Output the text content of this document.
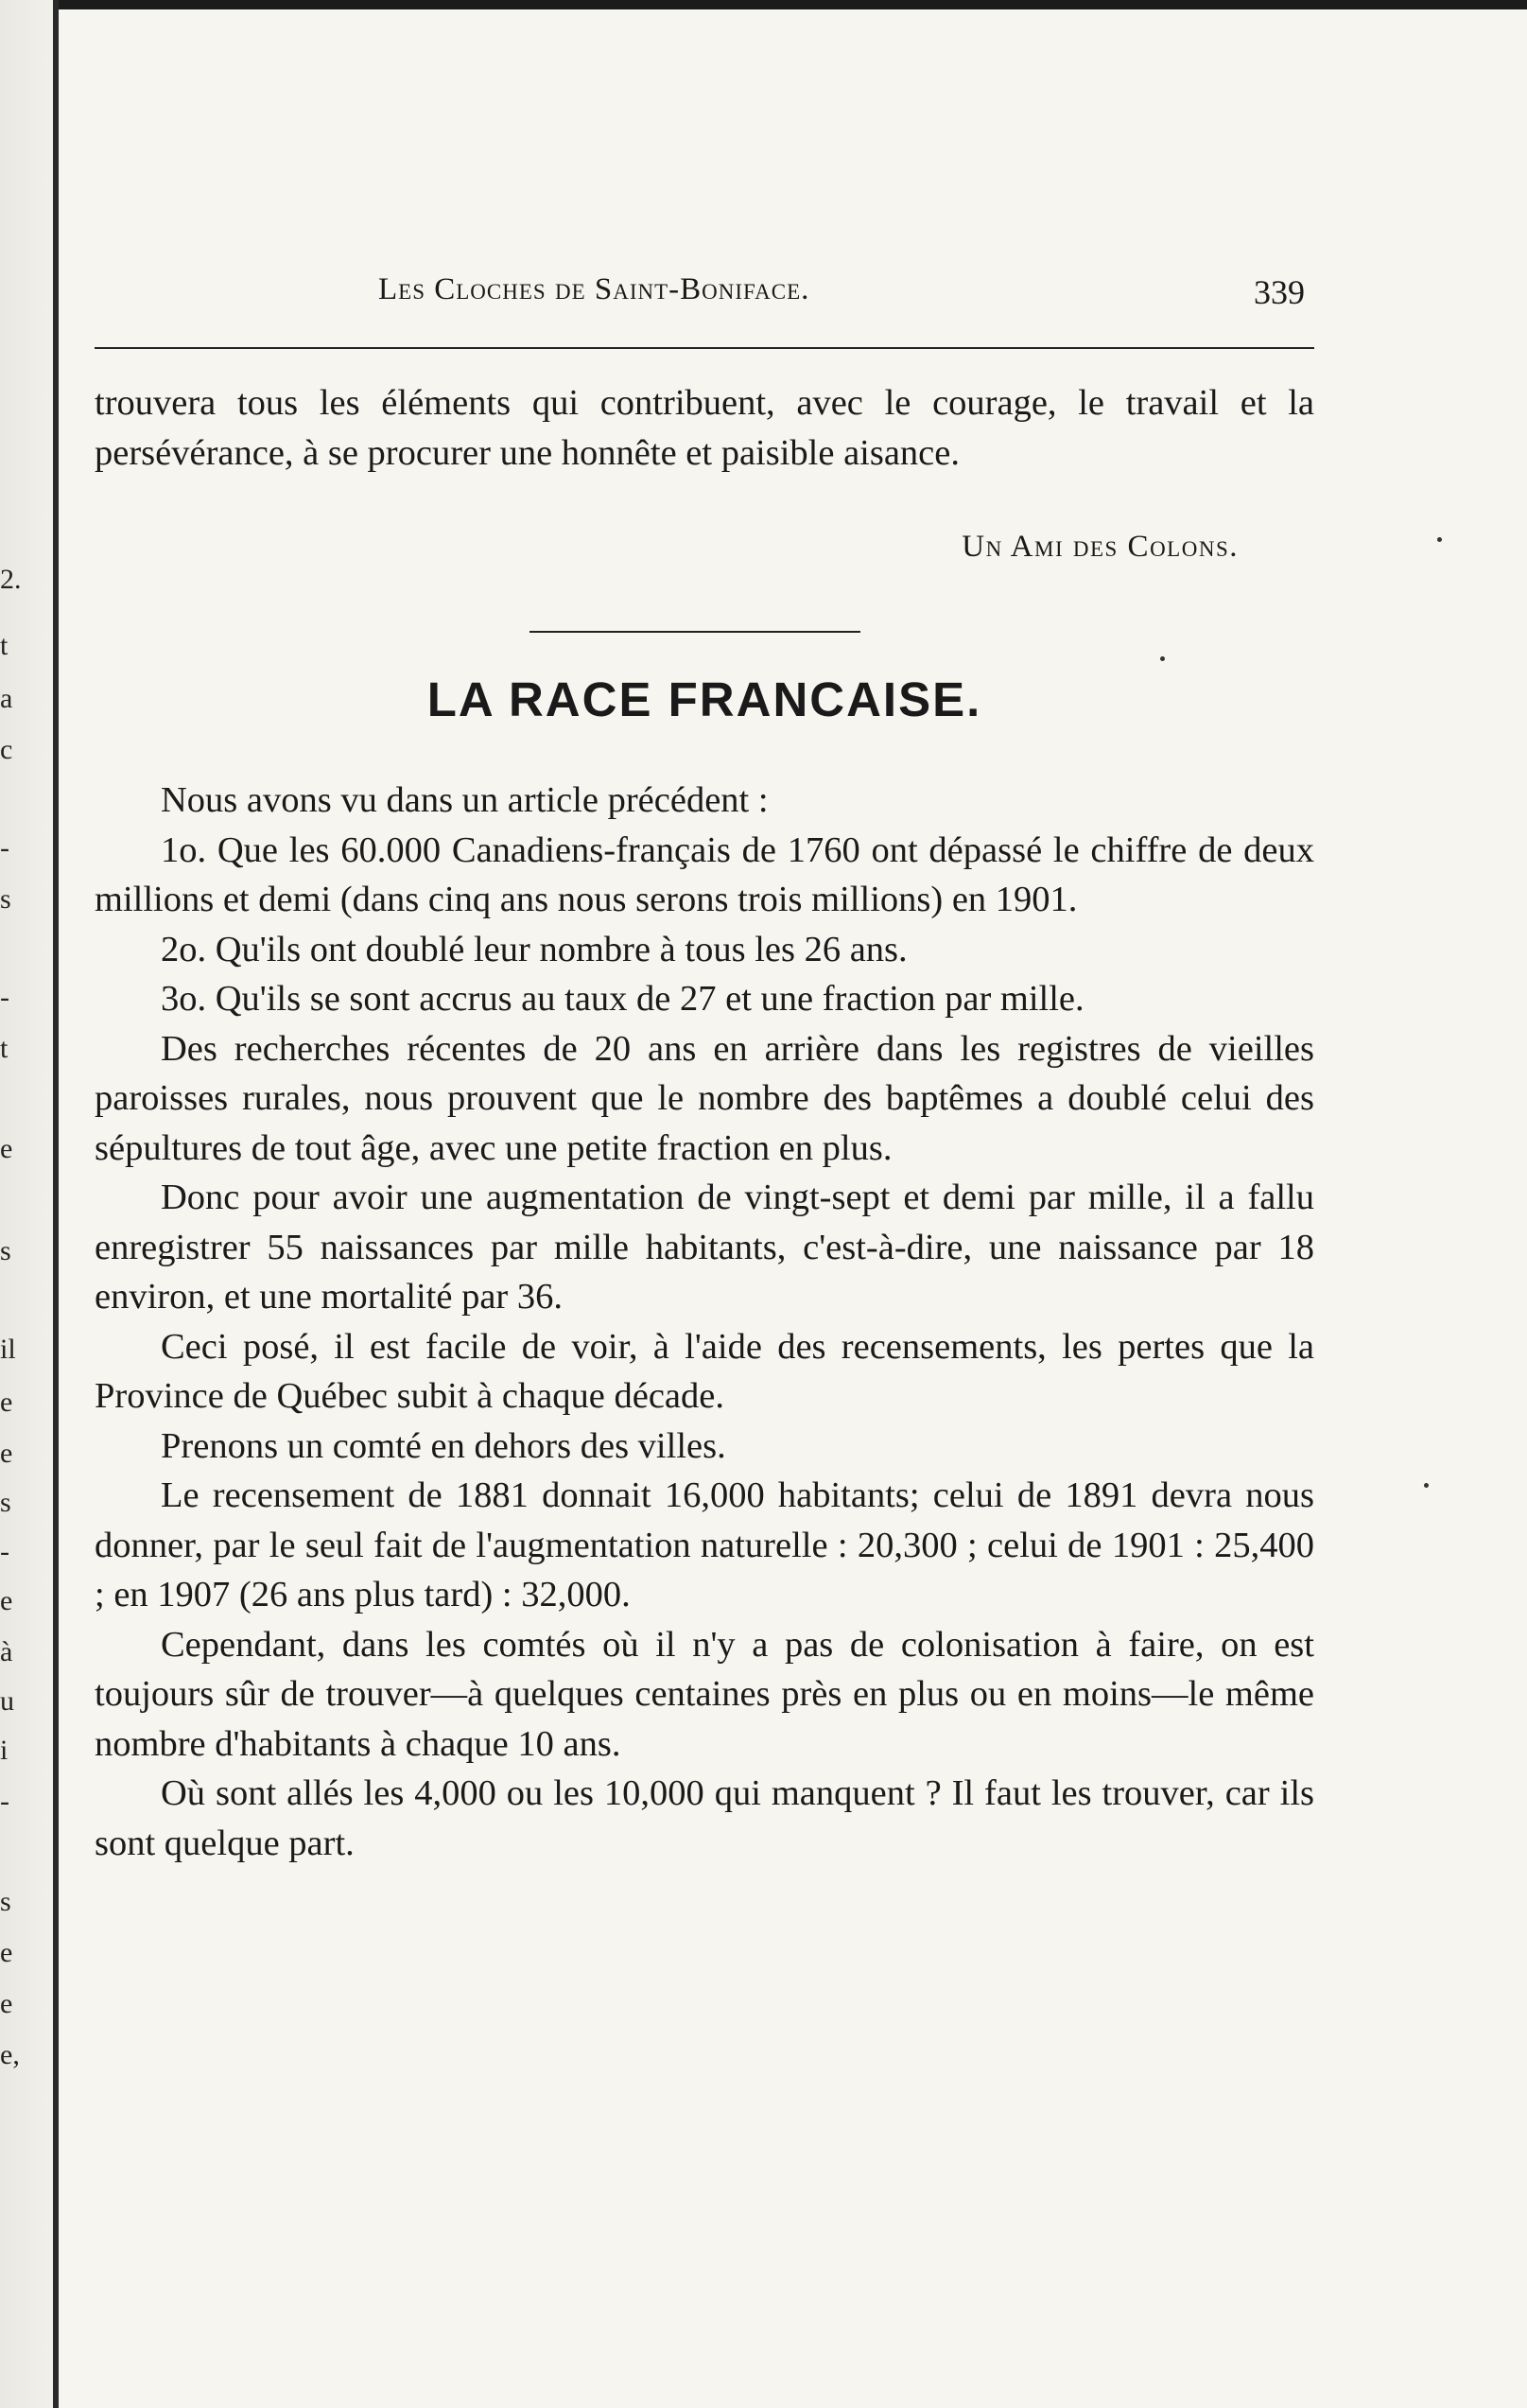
2.
t
a
c
-
s
-
t
e
s
il
e
e
s
-
e
à
u
i
-
s
e
e
e,
Les Cloches de Saint-Boniface.	339

trouvera tous les éléments qui contribuent, avec le courage, le travail et la persévérance, à se procurer une honnête et paisible aisance.

Un Ami des Colons.
LA RACE FRANCAISE.

Nous avons vu dans un article précédent :

1o. Que les 60.000 Canadiens-français de 1760 ont dépassé le chiffre de deux millions et demi (dans cinq ans nous serons trois millions) en 1901.

2o. Qu'ils ont doublé leur nombre à tous les 26 ans.

3o. Qu'ils se sont accrus au taux de 27 et une fraction par mille.

Des recherches récentes de 20 ans en arrière dans les registres de vieilles paroisses rurales, nous prouvent que le nombre des baptêmes a doublé celui des sépultures de tout âge, avec une petite fraction en plus.

Donc pour avoir une augmentation de vingt-sept et demi par mille, il a fallu enregistrer 55 naissances par mille habitants, c'est-à-dire, une naissance par 18 environ, et une mortalité par 36.

Ceci posé, il est facile de voir, à l'aide des recensements, les pertes que la Province de Québec subit à chaque décade.

Prenons un comté en dehors des villes.

Le recensement de 1881 donnait 16,000 habitants; celui de 1891 devra nous donner, par le seul fait de l'augmentation naturelle : 20,300 ; celui de 1901 : 25,400 ; en 1907 (26 ans plus tard) : 32,000.

Cependant, dans les comtés où il n'y a pas de colonisation à faire, on est toujours sûr de trouver—à quelques centaines près en plus ou en moins—le même nombre d'habitants à chaque 10 ans.

Où sont allés les 4,000 ou les 10,000 qui manquent ? Il faut les trouver, car ils sont quelque part.
